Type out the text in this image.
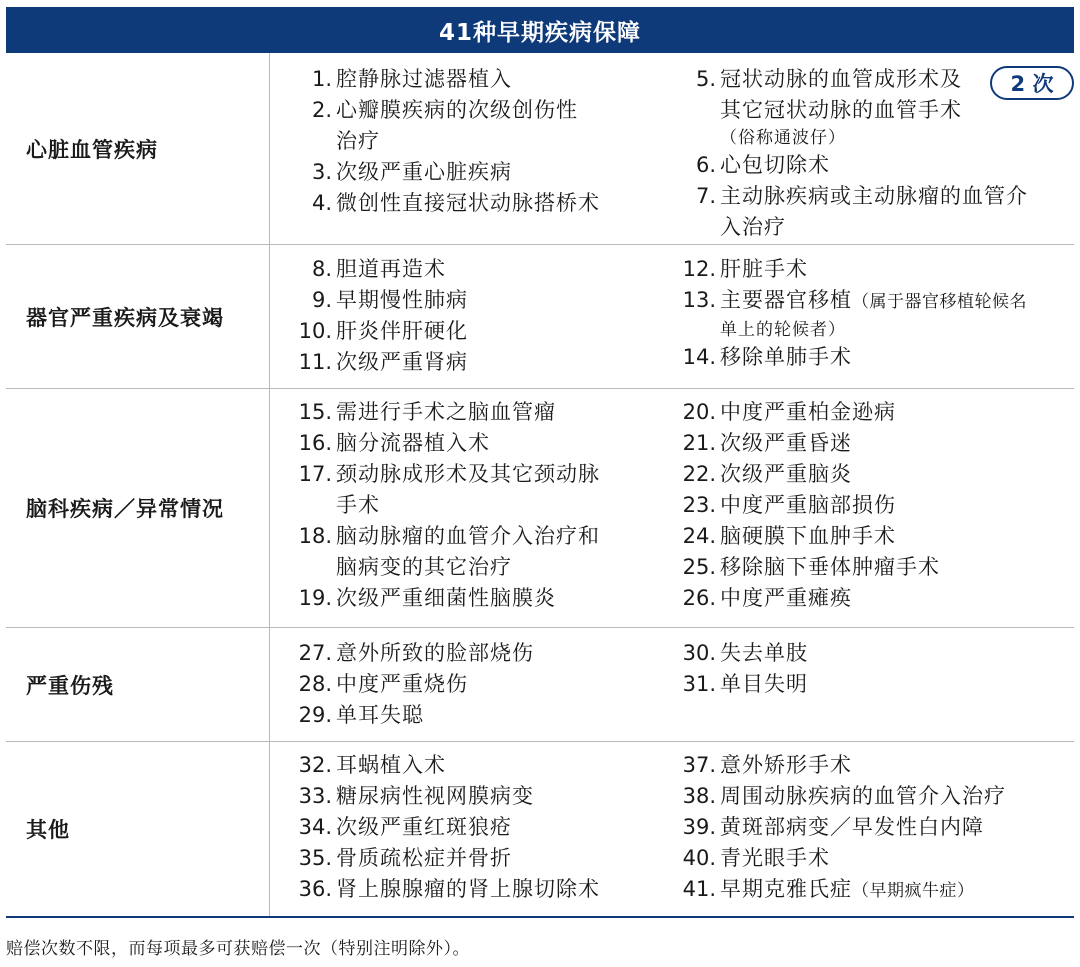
41种早期疾病保障
心脏血管疾病
1. 腔静脉过滤器植入
2. 心瓣膜疾病的次级创伤性
治疗
3. 次级严重心脏疾病
4. 微创性直接冠状动脉搭桥术
5. 冠状动脉的血管成形术及
其它冠状动脉的血管手术
（俗称通波仔）
6. 心包切除术
7. 主动脉疾病或主动脉瘤的血管介
入治疗
2 次
器官严重疾病及衰竭
8. 胆道再造术
9. 早期慢性肺病
10. 肝炎伴肝硬化
11. 次级严重肾病
12. 肝脏手术
13. 主要器官移植（属于器官移植轮候名
单上的轮候者）
14. 移除单肺手术
脑科疾病／异常情况
15. 需进行手术之脑血管瘤
16. 脑分流器植入术
17. 颈动脉成形术及其它颈动脉
手术
18. 脑动脉瘤的血管介入治疗和
脑病变的其它治疗
19. 次级严重细菌性脑膜炎
20. 中度严重柏金逊病
21. 次级严重昏迷
22. 次级严重脑炎
23. 中度严重脑部损伤
24. 脑硬膜下血肿手术
25. 移除脑下垂体肿瘤手术
26. 中度严重瘫痪
严重伤残
27. 意外所致的脸部烧伤
28. 中度严重烧伤
29. 单耳失聪
30. 失去单肢
31. 单目失明
其他
32. 耳蜗植入术
33. 糖尿病性视网膜病变
34. 次级严重红斑狼疮
35. 骨质疏松症并骨折
36. 肾上腺腺瘤的肾上腺切除术
37. 意外矫形手术
38. 周围动脉疾病的血管介入治疗
39. 黄斑部病变／早发性白内障
40. 青光眼手术
41. 早期克雅氏症（早期疯牛症）
赔偿次数不限，而每项最多可获赔偿一次（特别注明除外）。
